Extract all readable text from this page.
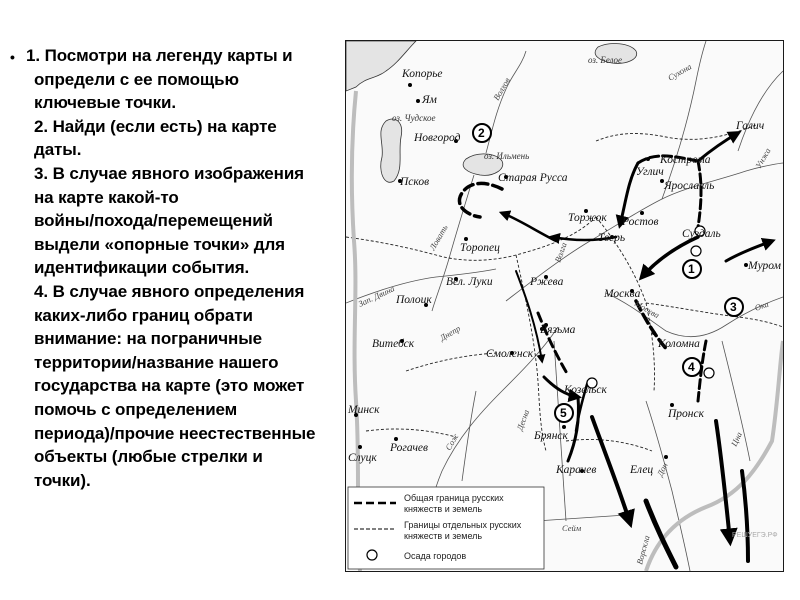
• 1. Посмотри на легенду карты и
определи с ее помощью
ключевые точки.
2. Найди (если есть) на карте
даты.
3. В случае явного изображения
на карте какой-то
войны/похода/перемещений
выдели «опорные точки» для
идентификации события.
4. В случае явного определения
каких-либо границ обрати
внимание: на пограничные
территории/название нашего
государства на карте (это может
помочь с определением
периода)/прочие неестественные
объекты (любые стрелки и
точки).
оз. Чудское
оз. Ильмень
оз. Белое
Волхов
Ловать
Волга
Сухона
Унжа
Москва	Ока
Днепр
Десна
Сож
Зап. Двина
Дон
Сейм
Ворскла
Цна
Копорье
Ям
Новгород
Псков	Старая Русса
Торопец
Вел. Луки	Ржева
Торжок
Тверь
Углич
Кострома
Галич
Ярославль
Ростов
Суздаль
Москва
Муром
Коломна
Вязьма
Смоленск
Козельск
Брянск
Карачев
Пронск
Елец
Полоцк
Витебск
Минск
Рогачев
Слуцк
2
1
3
4
5
Общая граница русских
княжеств и земель
Границы отдельных русских
княжеств и земель
Осада городов
РЕШУЕГЭ.РФ
